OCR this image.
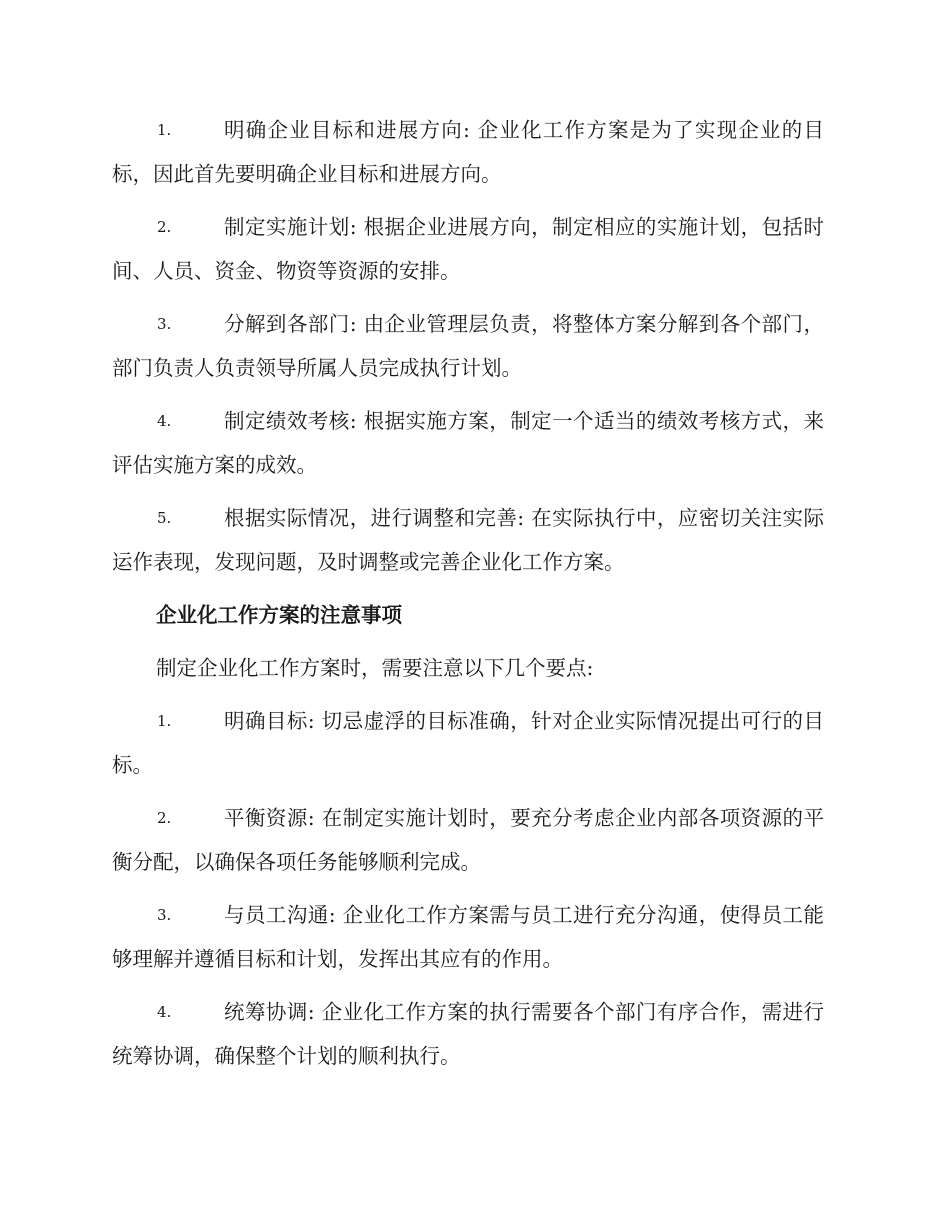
1.	明确企业目标和进展方向: 企业化工作方案是为了实现企业的目标，因此首先要明确企业目标和进展方向。
2.	制定实施计划: 根据企业进展方向，制定相应的实施计划，包括时间、人员、资金、物资等资源的安排。
3.	分解到各部门: 由企业管理层负责，将整体方案分解到各个部门，部门负责人负责领导所属人员完成执行计划。
4.	制定绩效考核: 根据实施方案，制定一个适当的绩效考核方式，来评估实施方案的成效。
5.	根据实际情况，进行调整和完善: 在实际执行中，应密切关注实际运作表现，发现问题，及时调整或完善企业化工作方案。
企业化工作方案的注意事项
制定企业化工作方案时，需要注意以下几个要点:
1.	明确目标: 切忌虚浮的目标准确，针对企业实际情况提出可行的目标。
2.	平衡资源: 在制定实施计划时，要充分考虑企业内部各项资源的平衡分配，以确保各项任务能够顺利完成。
3.	与员工沟通: 企业化工作方案需与员工进行充分沟通，使得员工能够理解并遵循目标和计划，发挥出其应有的作用。
4.	统筹协调: 企业化工作方案的执行需要各个部门有序合作，需进行统筹协调，确保整个计划的顺利执行。
